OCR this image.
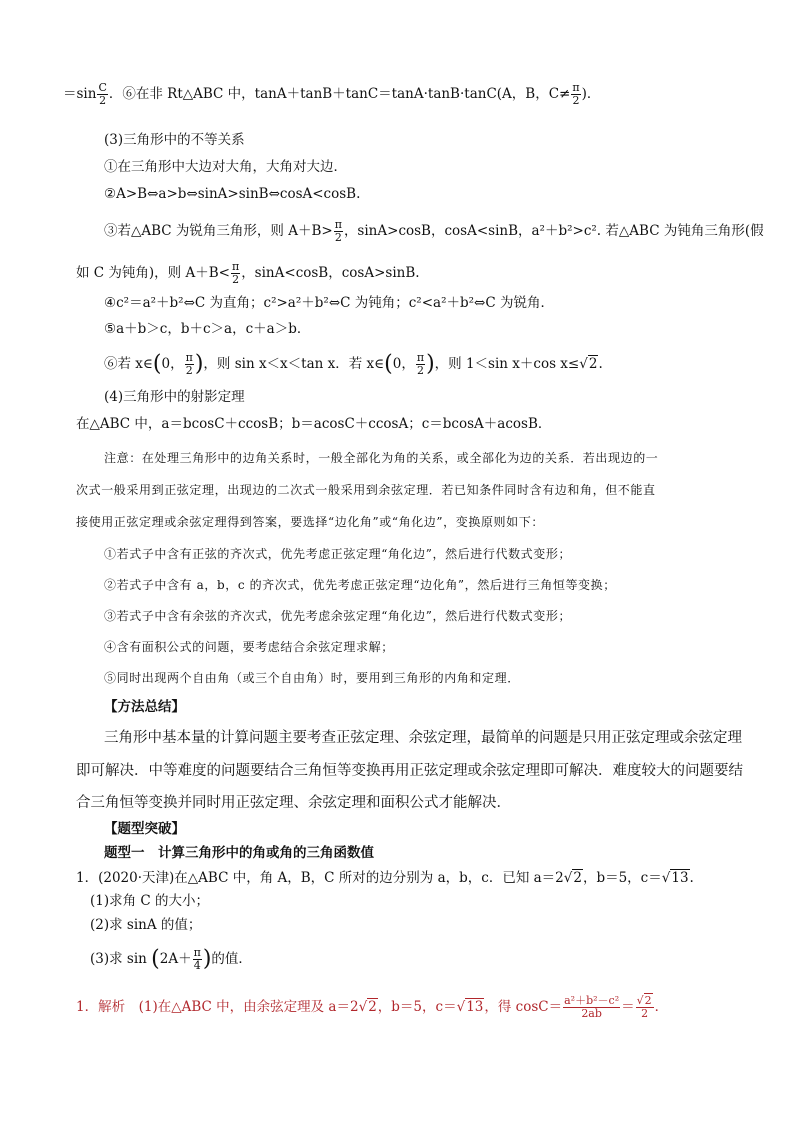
$=\sin \frac{C}{2}$ ．⑥在非 Rt△ABC 中，tanA＋tanB＋tanC＝tanA·tanB·tanC(A，B，$C\ne \frac{\pi}{2}$ )．
(3)三角形中的不等关系
①在三角形中大边对大角，大角对大边．
②A>B⇔a>b⇔sinA>sinB⇔cosA<cosB.
③若△ABC 为锐角三角形，则 $A+B> \frac{\pi}{2}$ ，sinA>cosB，cosA<sinB，a²＋b²>c². 若△ABC 为钝角三角形(假
如 C 为钝角)，则 $A+B< \frac{\pi}{2}$ ，sinA<cosB，cosA>sinB.
④c²＝a²＋b²⇔C 为直角；c²>a²＋b²⇔C 为钝角；c²<a²＋b²⇔C 为锐角．
⑤a＋b＞c，b＋c＞a，c＋a＞b．
⑥若 x∈(0， $\frac{\pi}{2}$ )，则 sin x＜x＜tan x．若 x∈(0， $\frac{\pi}{2}$ )，则 1＜sin x＋cos x≤√2.
(4)三角形中的射影定理
在△ABC 中，a＝bcosC＋ccosB；b＝acosC＋ccosA；c＝bcosA＋acosB．
注意：在处理三角形中的边角关系时，一般全部化为角的关系，或全部化为边的关系．若出现边的一
次式一般采用到正弦定理，出现边的二次式一般采用到余弦定理．若已知条件同时含有边和角，但不能直
接使用正弦定理或余弦定理得到答案，要选择“边化角”或“角化边”，变换原则如下：
①若式子中含有正弦的齐次式，优先考虑正弦定理“角化边”，然后进行代数式变形；
②若式子中含有 a，b，c 的齐次式，优先考虑正弦定理“边化角”，然后进行三角恒等变换；
③若式子中含有余弦的齐次式，优先考虑余弦定理“角化边”，然后进行代数式变形；
④含有面积公式的问题，要考虑结合余弦定理求解；
⑤同时出现两个自由角（或三个自由角）时，要用到三角形的内角和定理．
【方法总结】
三角形中基本量的计算问题主要考查正弦定理、余弦定理，最简单的问题是只用正弦定理或余弦定理
即可解决．中等难度的问题要结合三角恒等变换再用正弦定理或余弦定理即可解决．难度较大的问题要结
合三角恒等变换并同时用正弦定理、余弦定理和面积公式才能解决．
【题型突破】
题型一　计算三角形中的角或角的三角函数值
1．(2020·天津)在△ABC 中，角 A，B，C 所对的边分别为 a，b，c．已知 a＝2√2，b＝5，c＝√13.
(1)求角 C 的大小；
(2)求 sinA 的值；
(3)求 $\sin (2A+ \frac{\pi}{4}$ )的值．
1．解析　(1)在△ABC 中，由余弦定理及 a＝2√2，b＝5，c＝√13，得 $\cos C= \frac{\text{a²＋b²－c²}}{2ab} = \frac{√2}{2}$ ．
